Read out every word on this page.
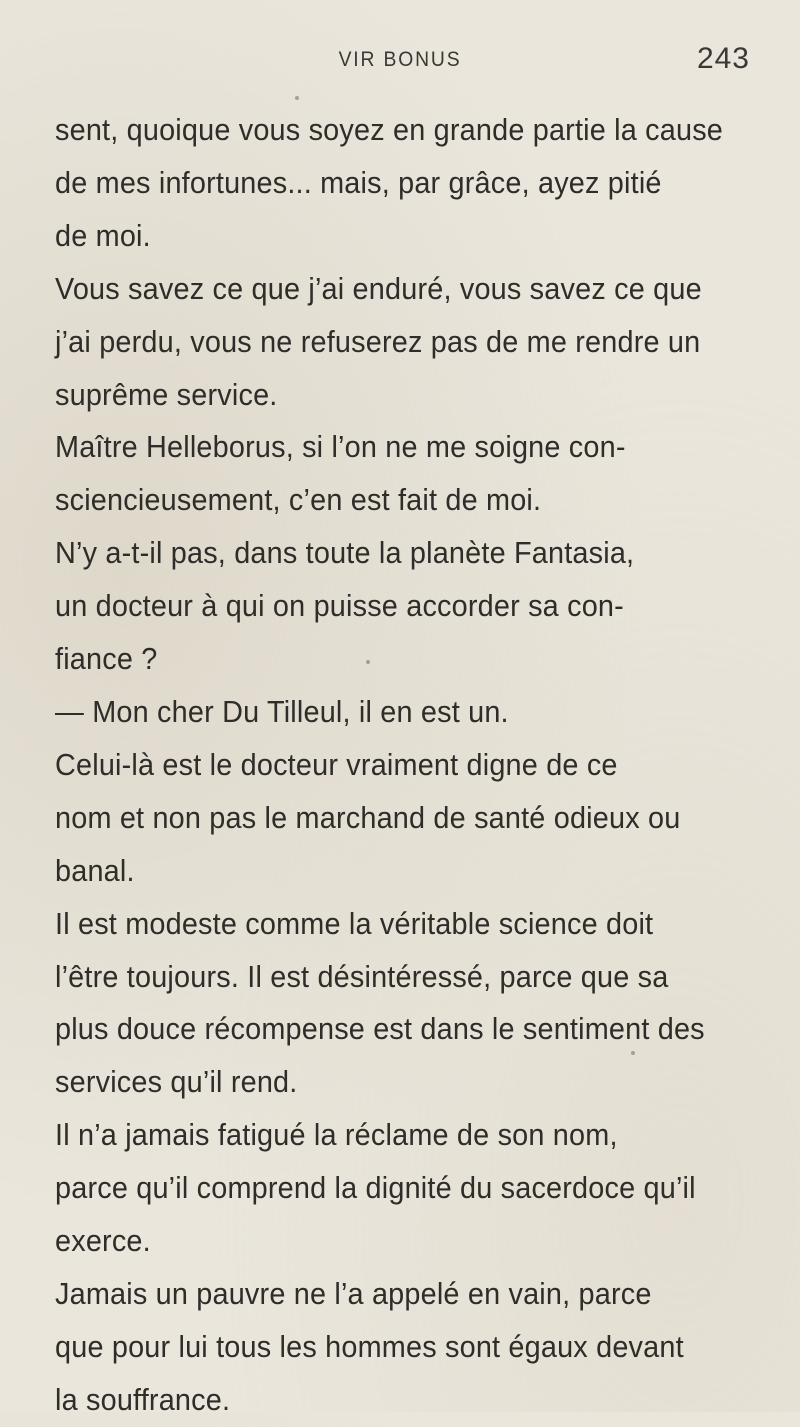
VIR BONUS	243
sent, quoique vous soyez en grande partie la cause
de mes infortunes... mais, par grâce, ayez pitié
de moi.
Vous savez ce que j’ai enduré, vous savez ce que
j’ai perdu, vous ne refuserez pas de me rendre un
suprême service.
Maître Helleborus, si l’on ne me soigne con-
sciencieusement, c’en est fait de moi.
N’y a-t-il pas, dans toute la planète Fantasia,
un docteur à qui on puisse accorder sa con-
fiance ?
— Mon cher Du Tilleul, il en est un.
Celui-là est le docteur vraiment digne de ce
nom et non pas le marchand de santé odieux ou
banal.
Il est modeste comme la véritable science doit
l’être toujours. Il est désintéressé, parce que sa
plus douce récompense est dans le sentiment des
services qu’il rend.
Il n’a jamais fatigué la réclame de son nom,
parce qu’il comprend la dignité du sacerdoce qu’il
exerce.
Jamais un pauvre ne l’a appelé en vain, parce
que pour lui tous les hommes sont égaux devant
la souffrance.
